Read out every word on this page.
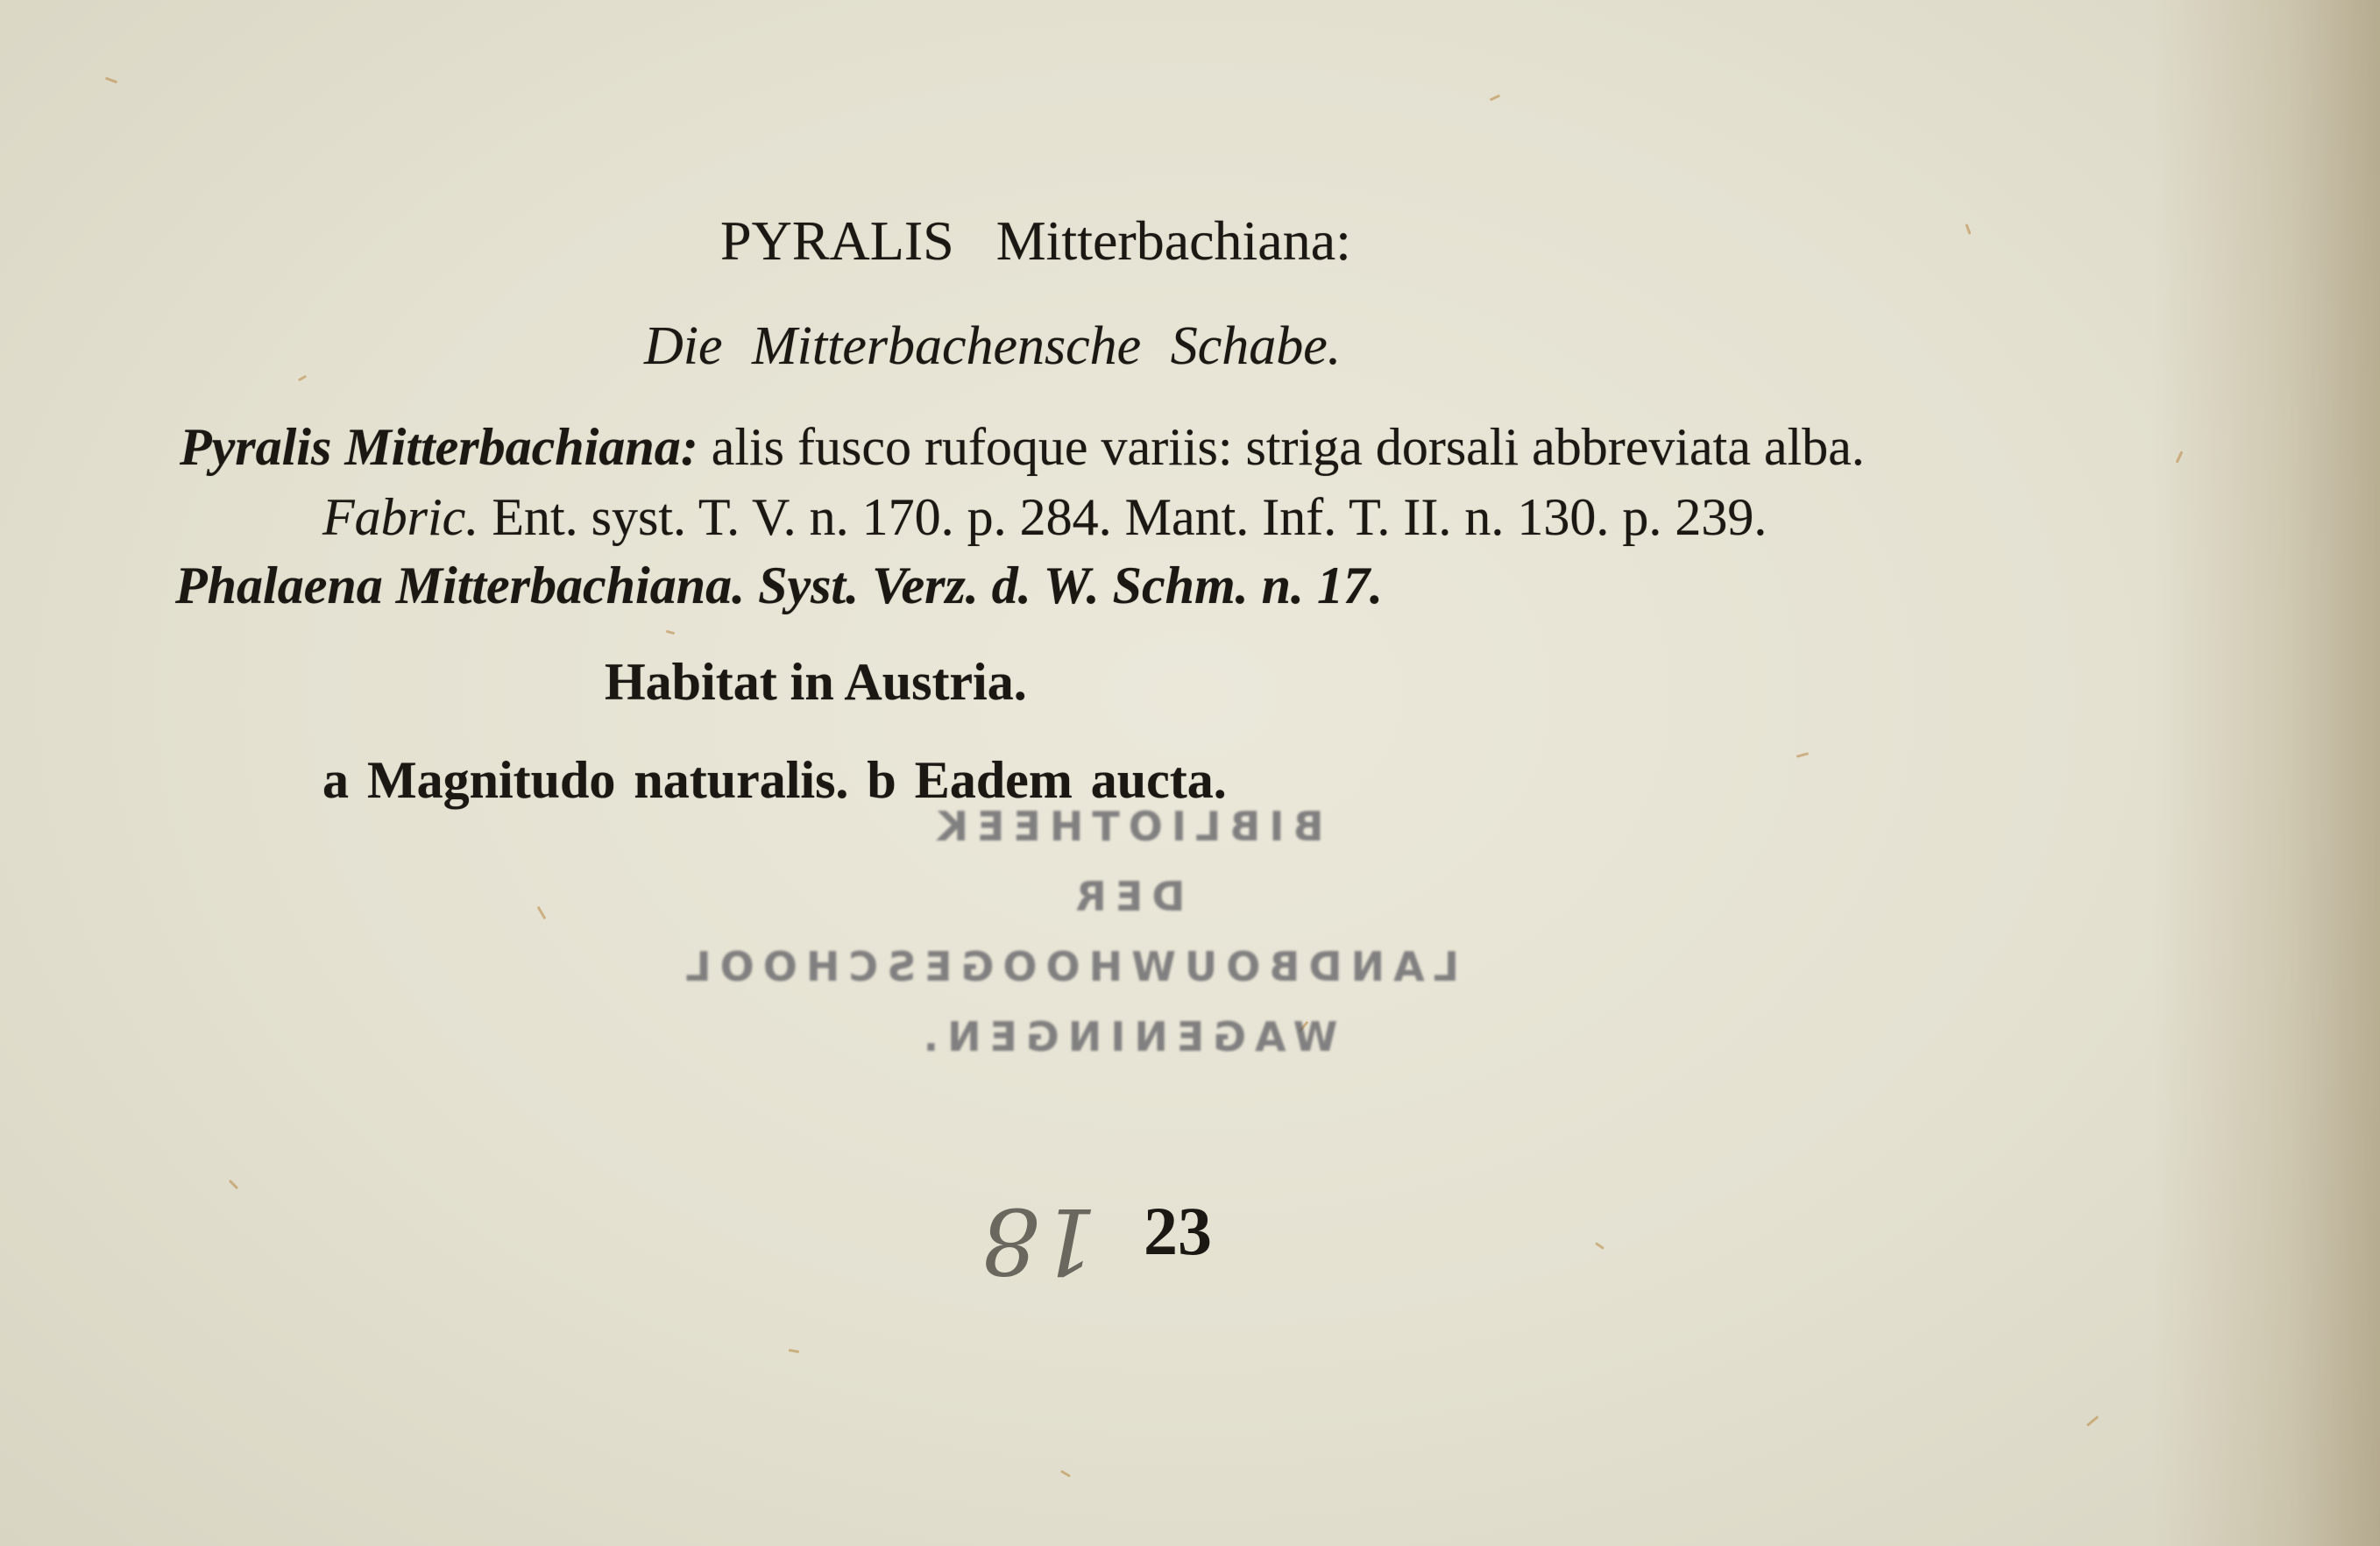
PYRALIS Mitterbachiana:
Die Mitterbachensche Schabe.
Pyralis Mitterbachiana: alis fusco rufoque variis: striga dorsali abbreviata alba.
Fabric. Ent. syst. T. V. n. 170. p. 284. Mant. Inf. T. II. n. 130. p. 239.
Phalaena Mitterbachiana. Syst. Verz. d. W. Schm. n. 17.
Habitat in Austria.
a Magnitudo naturalis. b Eadem aucta.
BIBLIOTHEEK
DER
LANDBOUWHOOGESCHOOL
WAGENINGEN.
18 23
